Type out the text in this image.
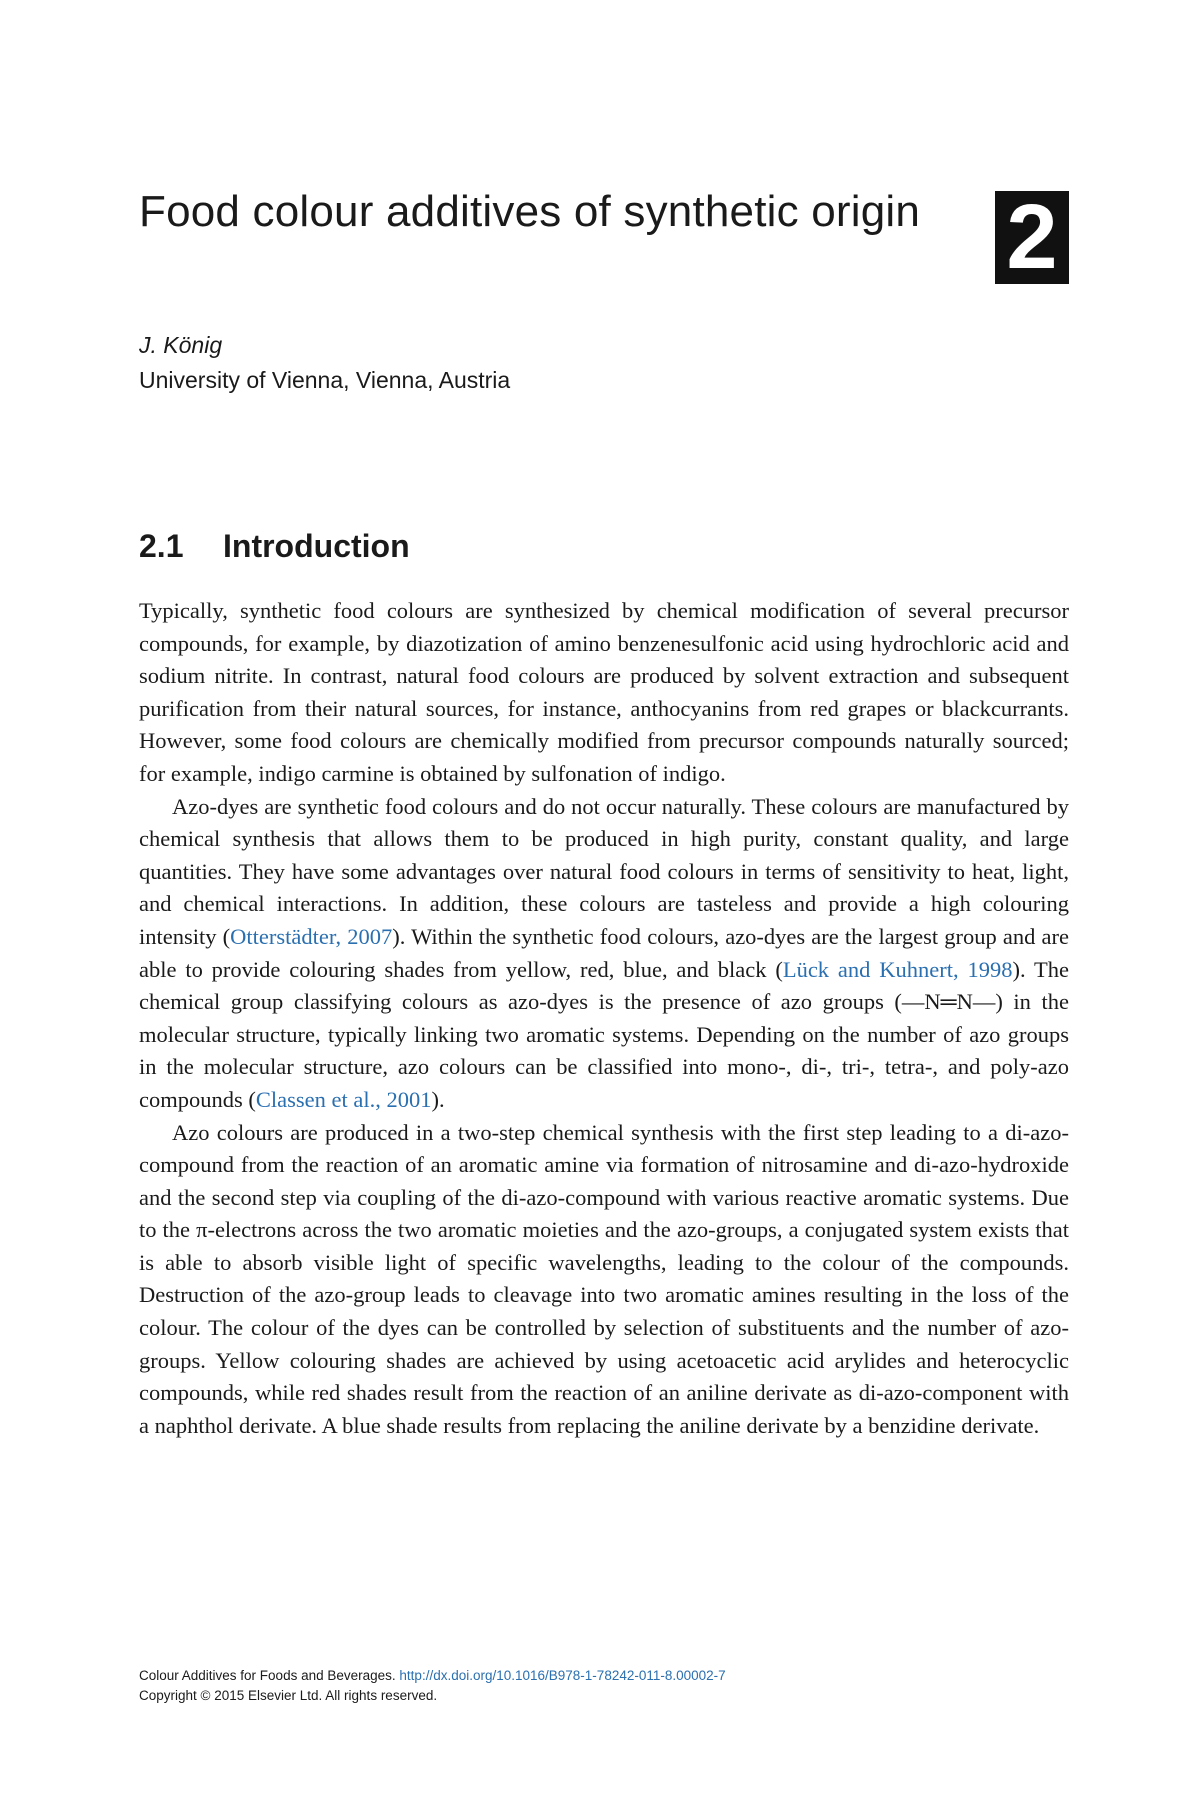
Food colour additives of synthetic origin 2

J. König

University of Vienna, Vienna, Austria

2.1 Introduction

Typically, synthetic food colours are synthesized by chemical modification of several precursor compounds, for example, by diazotization of amino benzenesulfonic acid using hydrochloric acid and sodium nitrite. In contrast, natural food colours are produced by solvent extraction and subsequent purification from their natural sources, for instance, anthocyanins from red grapes or blackcurrants. However, some food colours are chemically modified from precursor compounds naturally sourced; for example, indigo carmine is obtained by sulfonation of indigo.

Azo-dyes are synthetic food colours and do not occur naturally. These colours are manufactured by chemical synthesis that allows them to be produced in high purity, constant quality, and large quantities. They have some advantages over natural food colours in terms of sensitivity to heat, light, and chemical interactions. In addition, these colours are tasteless and provide a high colouring intensity (Otterstädter, 2007). Within the synthetic food colours, azo-dyes are the largest group and are able to provide colouring shades from yellow, red, blue, and black (Lück and Kuhnert, 1998). The chemical group classifying colours as azo-dyes is the presence of azo groups (—N═N—) in the molecular structure, typically linking two aromatic systems. Depending on the number of azo groups in the molecular structure, azo colours can be classified into mono-, di-, tri-, tetra-, and poly-azo compounds (Classen et al., 2001).

Azo colours are produced in a two-step chemical synthesis with the first step leading to a di-azo-compound from the reaction of an aromatic amine via formation of nitrosamine and di-azo-hydroxide and the second step via coupling of the di-azo-compound with various reactive aromatic systems. Due to the π-electrons across the two aromatic moieties and the azo-groups, a conjugated system exists that is able to absorb visible light of specific wavelengths, leading to the colour of the compounds. Destruction of the azo-group leads to cleavage into two aromatic amines resulting in the loss of the colour. The colour of the dyes can be controlled by selection of substituents and the number of azo-groups. Yellow colouring shades are achieved by using acetoacetic acid arylides and heterocyclic compounds, while red shades result from the reaction of an aniline derivate as di-azo-component with a naphthol derivate. A blue shade results from replacing the aniline derivate by a benzidine derivate.

Colour Additives for Foods and Beverages. http://dx.doi.org/10.1016/B978-1-78242-011-8.00002-7
Copyright © 2015 Elsevier Ltd. All rights reserved.
